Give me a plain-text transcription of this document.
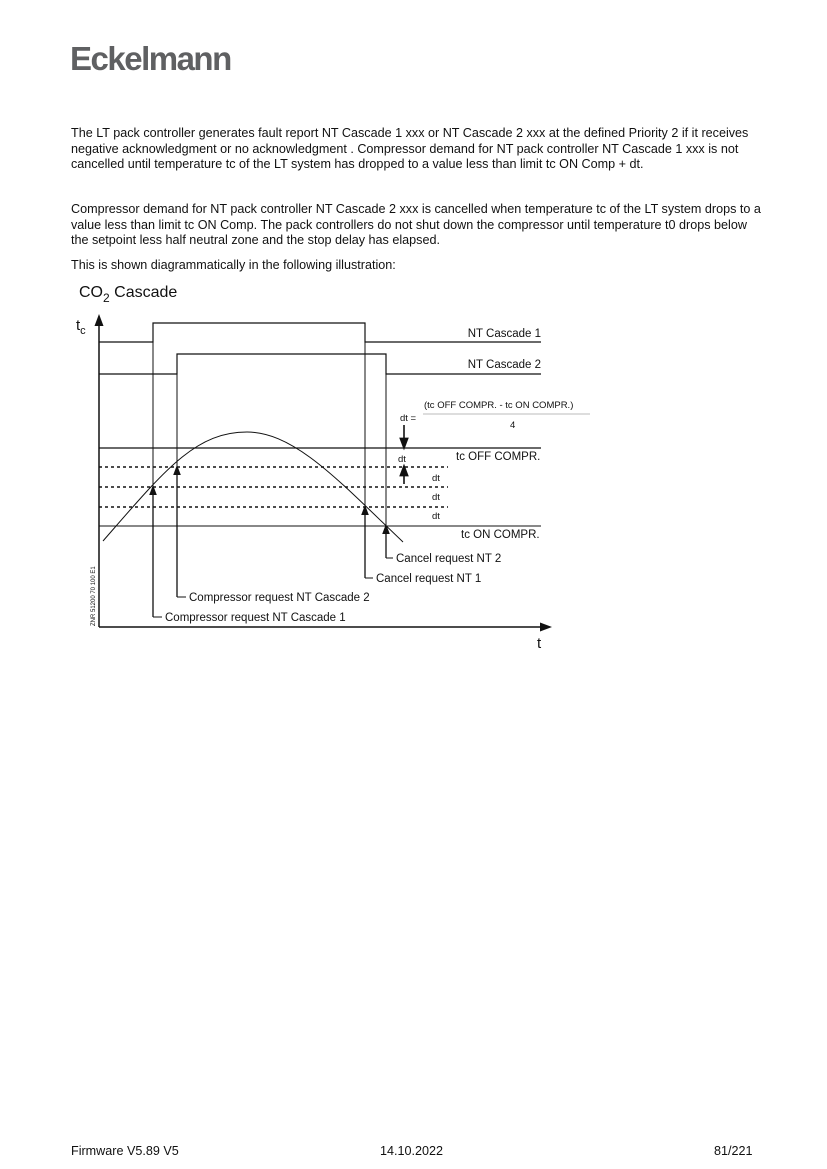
Eckelmann

The LT pack controller generates fault report NT Cascade 1 xxx or NT Cascade 2 xxx at the defined Priority 2 if it receives negative acknowledgment or no acknowledgment . Compressor demand for NT pack controller NT Cascade 1 xxx is not cancelled until temperature tc of the LT system has dropped to a value less than limit tc ON Comp + dt.

Compressor demand for NT pack controller NT Cascade 2 xxx is cancelled when temperature tc of the LT system drops to a value less than limit tc ON Comp. The pack controllers do not shut down the compressor until temperature t0 drops below the setpoint less half neutral zone and the stop delay has elapsed.

This is shown diagrammatically in the following illustration:

$CO_2$ Cascade
$t_c$
t
NT Cascade 1
NT Cascade 2
tc OFF COMPR.
tc ON COMPR.
Compressor request NT Cascade 1
Compressor request NT Cascade 2
Cancel request NT 1
Cancel request NT 2
dt =
(tc OFF COMPR. - tc ON COMPR.)
4
dt
dt
dt
dt
ZNR 51200 70 100 E1
Firmware V5.89 V5	14.10.2022	81/221
